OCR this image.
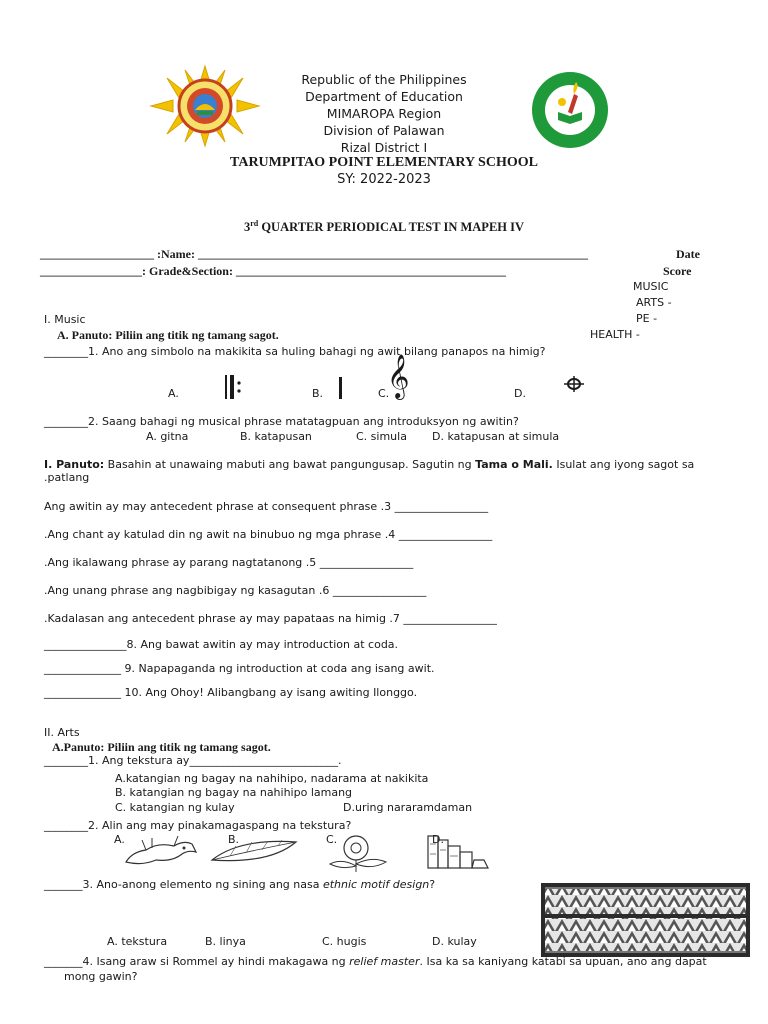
Republic of the Philippines
Department of Education
MIMAROPA Region
Division of Palawan
Rizal District I
TARUMPITAO POINT ELEMENTARY SCHOOL
SY: 2022-2023
3rd QUARTER PERIODICAL TEST IN MAPEH IV
___________________ :Name: _________________________________________________________________	Date
_________________: Grade&Section: _____________________________________________	Score
MUSIC
ARTS -
PE -
HEALTH -
I. Music
A. Panuto: Piliin ang titik ng tamang sagot.
________1. Ano ang simbolo na makikita sa huling bahagi ng awit bilang panapos na himig?
A.	B.	C.
𝄞	D.
________2. Saang bahagi ng musical phrase matatagpuan ang introduksyon ng awitin?
A. gitna	B. katapusan	C. simula D. katapusan at simula
I. Panuto: Basahin at unawaing mabuti ang bawat pangungusap. Sagutin ng Tama o Mali. Isulat ang iyong sagot sa
.patlang
Ang awitin ay may antecedent phrase at consequent phrase .3 _________________
.Ang chant ay katulad din ng awit na binubuo ng mga phrase .4 _________________
.Ang ikalawang phrase ay parang nagtatanong .5 _________________
.Ang unang phrase ang nagbibigay ng kasagutan .6 _________________
.Kadalasan ang antecedent phrase ay may papataas na himig .7 _________________
_______________8. Ang bawat awitin ay may introduction at coda.
______________ 9. Napapaganda ng introduction at coda ang isang awit.
______________ 10. Ang Ohoy! Alibangbang ay isang awiting Ilonggo.
II. Arts
A.Panuto: Piliin ang titik ng tamang sagot.
________1. Ang tekstura ay___________________________.
A.katangian ng bagay na nahihipo, nadarama at nakikita
B. katangian ng bagay na nahihipo lamang
C. katangian ng kulay	D.uring nararamdaman
________2. Alin ang may pinakamagaspang na tekstura?
A.	B.	C.	D.
_______3. Ano-anong elemento ng sining ang nasa ethnic motif design?
A. tekstura	B. linya	C. hugis	D. kulay
_______4. Isang araw si Rommel ay hindi makagawa ng relief master. Isa ka sa kaniyang katabi sa upuan, ano ang dapat
mong gawin?
